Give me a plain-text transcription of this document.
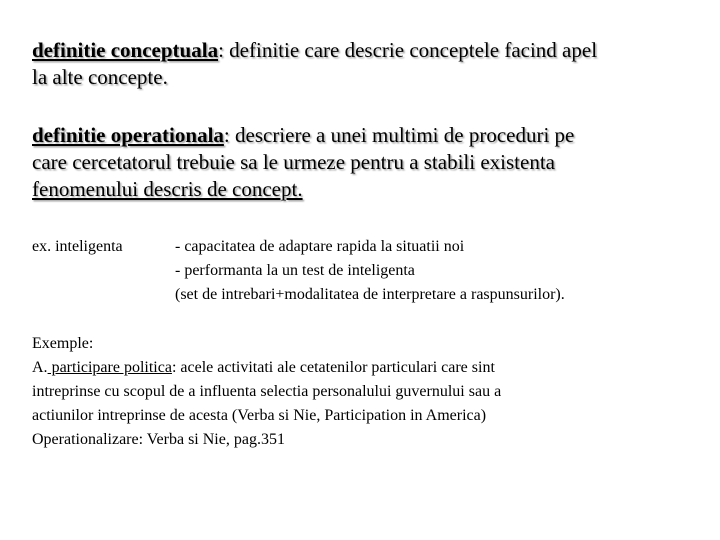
definitie conceptuala: definitie care descrie conceptele facind apel
la alte concepte.
definitie operationala: descriere a unei multimi de proceduri pe
care cercetatorul trebuie sa le urmeze pentru a stabili existenta
fenomenului descris de concept.
ex. inteligenta	- capacitatea de adaptare rapida la situatii noi
- performanta la un test de inteligenta
(set de intrebari+modalitatea de interpretare a raspunsurilor).
Exemple:
A. participare politica: acele activitati ale cetatenilor particulari care sint
intreprinse cu scopul de a influenta selectia personalului guvernului sau a
actiunilor intreprinse de acesta (Verba si Nie, Participation in America)
Operationalizare: Verba si Nie, pag.351
